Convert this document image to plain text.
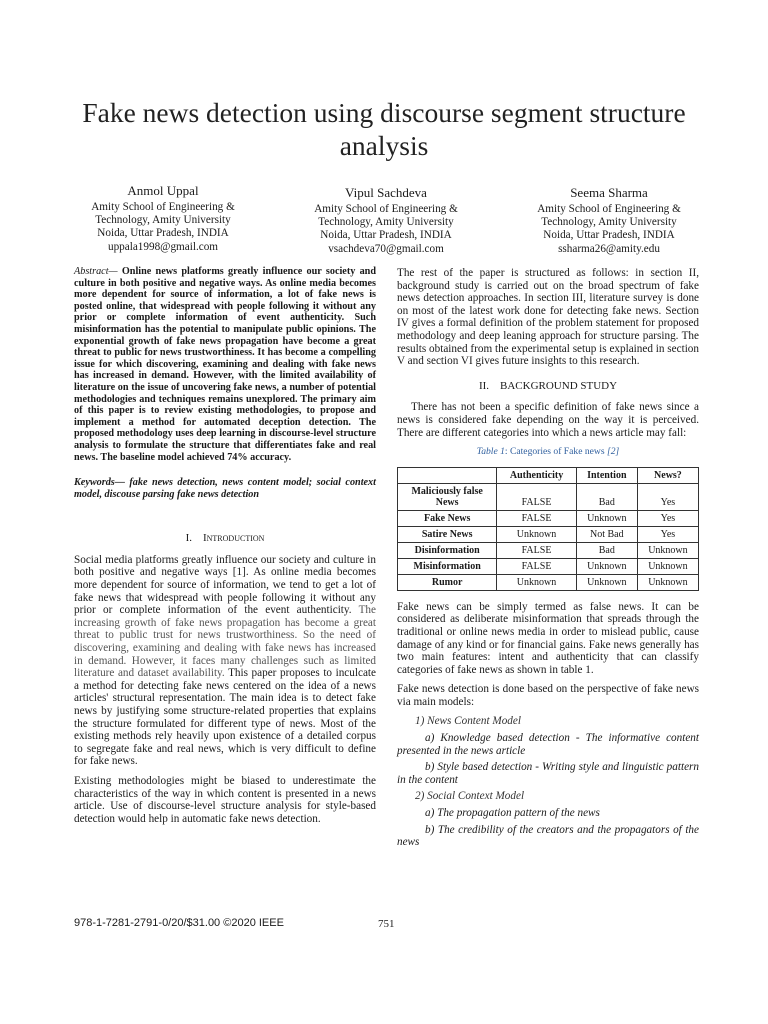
Fake news detection using discourse segment structure analysis
Anmol Uppal
Amity School of Engineering &
Technology, Amity University
Noida, Uttar Pradesh, INDIA
uppala1998@gmail.com
Vipul Sachdeva
Amity School of Engineering &
Technology, Amity University
Noida, Uttar Pradesh, INDIA
vsachdeva70@gmail.com
Seema Sharma
Amity School of Engineering &
Technology, Amity University
Noida, Uttar Pradesh, INDIA
ssharma26@amity.edu
Abstract— Online news platforms greatly influence our society and culture in both positive and negative ways. As online media becomes more dependent for source of information, a lot of fake news is posted online, that widespread with people following it without any prior or complete information of event authenticity. Such misinformation has the potential to manipulate public opinions. The exponential growth of fake news propagation have become a great threat to public for news trustworthiness. It has become a compelling issue for which discovering, examining and dealing with fake news has increased in demand. However, with the limited availability of literature on the issue of uncovering fake news, a number of potential methodologies and techniques remains unexplored. The primary aim of this paper is to review existing methodologies, to propose and implement a method for automated deception detection. The proposed methodology uses deep learning in discourse-level structure analysis to formulate the structure that differentiates fake and real news. The baseline model achieved 74% accuracy.
Keywords— fake news detection, news content model; social context model, discouse parsing fake news detection
I. Introduction
Social media platforms greatly influence our society and culture in both positive and negative ways [1]. As online media becomes more dependent for source of information, we tend to get a lot of fake news that widespread with people following it without any prior or complete information of the event authenticity. The increasing growth of fake news propagation has become a great threat to public trust for news trustworthiness. So the need of discovering, examining and dealing with fake news has increased in demand. However, it faces many challenges such as limited literature and dataset availability. This paper proposes to inculcate a method for detecting fake news centered on the idea of a news articles' structural representation. The main idea is to detect fake news by justifying some structure-related properties that explains the structure formulated for different type of news. Most of the existing methods rely heavily upon existence of a detailed corpus to segregate fake and real news, which is very difficult to define for fake news.
Existing methodologies might be biased to underestimate the characteristics of the way in which content is presented in a news article. Use of discourse-level structure analysis for style-based detection would help in automatic fake news detection.
The rest of the paper is structured as follows: in section II, background study is carried out on the broad spectrum of fake news detection approaches. In section III, literature survey is done on most of the latest work done for detecting fake news. Section IV gives a formal definition of the problem statement for proposed methodology and deep leaning approach for structure parsing. The results obtained from the experimental setup is explained in section V and section VI gives future insights to this research.
II. BACKGROUND STUDY
There has not been a specific definition of fake news since a news is considered fake depending on the way it is perceived. There are different categories into which a news article may fall:
Table 1: Categories of Fake news [2]
	Authenticity	Intention	News?
Maliciously false News	FALSE	Bad	Yes
Fake News	FALSE	Unknown	Yes
Satire News	Unknown	Not Bad	Yes
Disinformation	FALSE	Bad	Unknown
Misinformation	FALSE	Unknown	Unknown
Rumor	Unknown	Unknown	Unknown
Fake news can be simply termed as false news. It can be considered as deliberate misinformation that spreads through the traditional or online news media in order to mislead public, cause damage of any kind or for financial gains. Fake news generally has two main features: intent and authenticity that can classify categories of fake news as shown in table 1.
Fake news detection is done based on the perspective of fake news via main models:
1) News Content Model
a) Knowledge based detection - The informative content presented in the news article
b) Style based detection - Writing style and linguistic pattern in the content
2) Social Context Model
a) The propagation pattern of the news
b) The credibility of the creators and the propagators of the news
978-1-7281-2791-0/20/$31.00 ©2020 IEEE	751
